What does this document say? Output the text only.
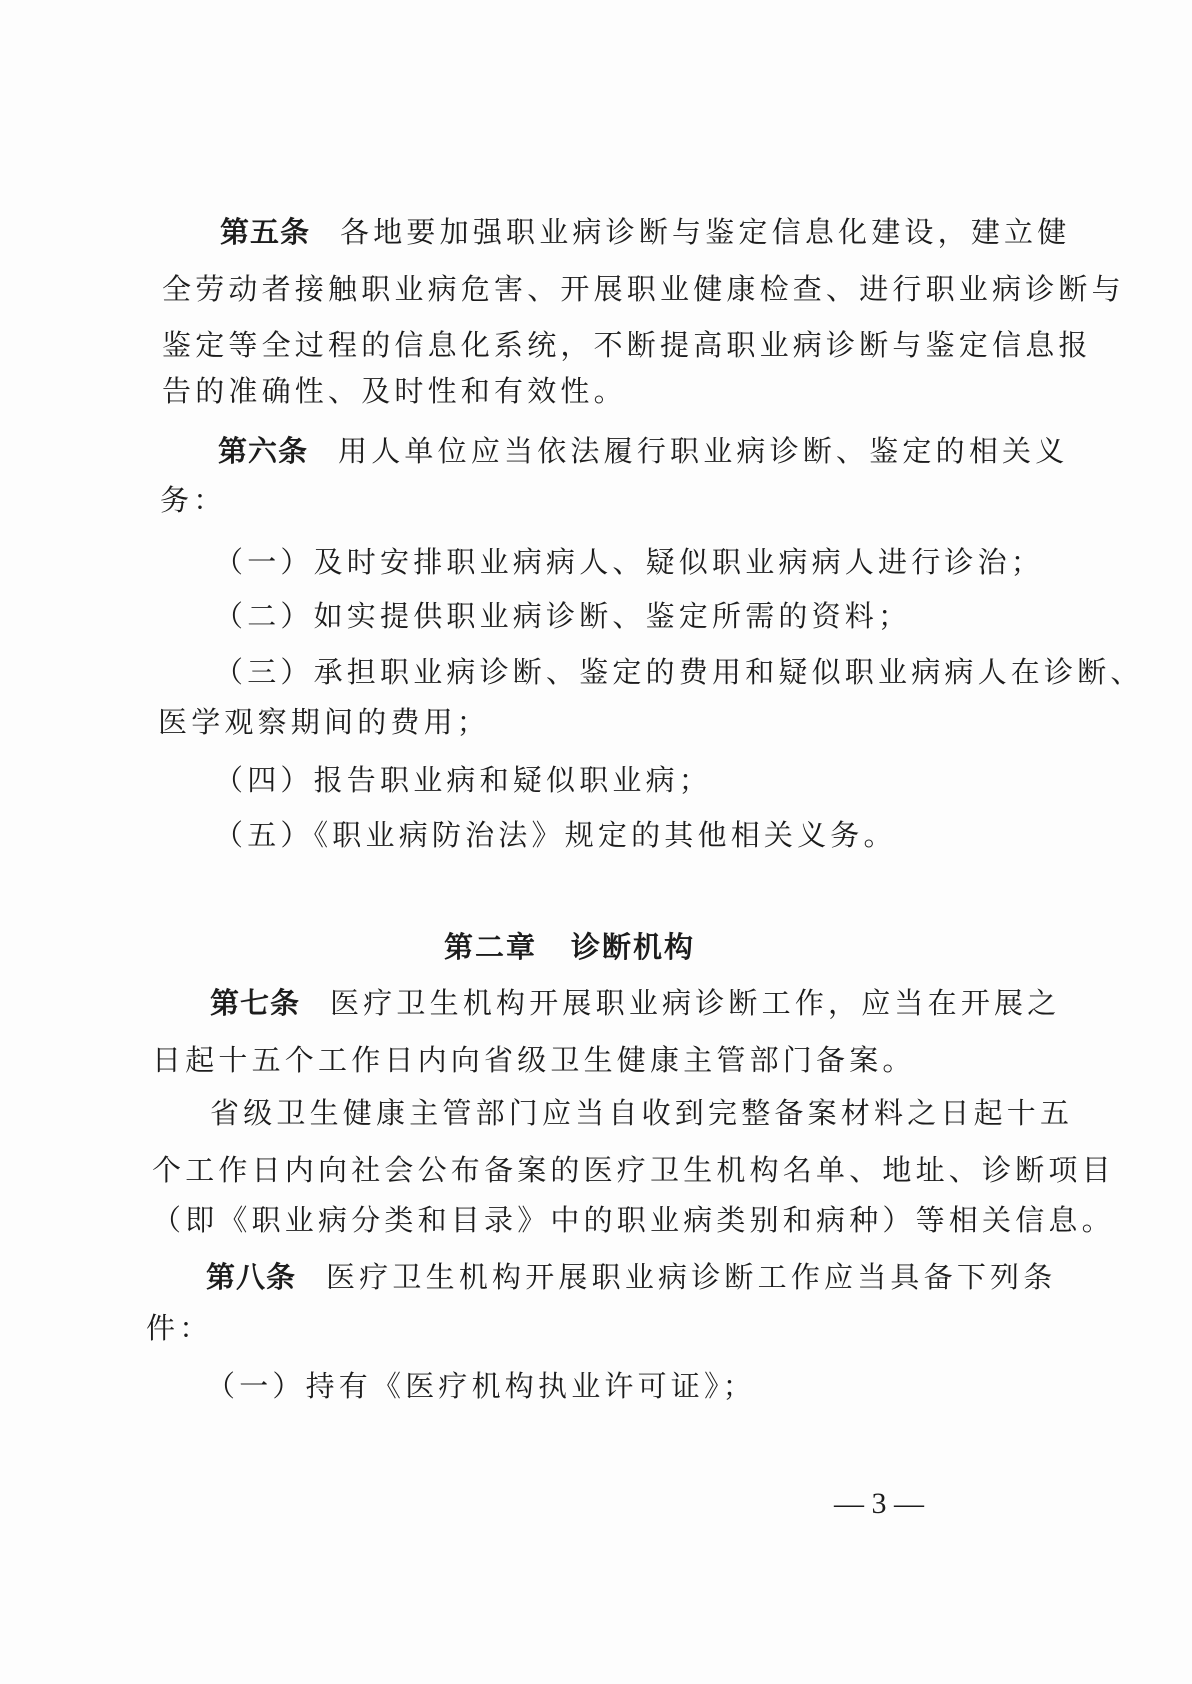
第五条 各地要加强职业病诊断与鉴定信息化建设，建立健
全劳动者接触职业病危害、开展职业健康检查、进行职业病诊断与
鉴定等全过程的信息化系统，不断提高职业病诊断与鉴定信息报
告的准确性、及时性和有效性。
第六条 用人单位应当依法履行职业病诊断、鉴定的相关义
务：
（一）及时安排职业病病人、疑似职业病病人进行诊治；
（二）如实提供职业病诊断、鉴定所需的资料；
（三）承担职业病诊断、鉴定的费用和疑似职业病病人在诊断、
医学观察期间的费用；
（四）报告职业病和疑似职业病；
（五）《职业病防治法》规定的其他相关义务。
第二章 诊断机构
第七条 医疗卫生机构开展职业病诊断工作，应当在开展之
日起十五个工作日内向省级卫生健康主管部门备案。
省级卫生健康主管部门应当自收到完整备案材料之日起十五
个工作日内向社会公布备案的医疗卫生机构名单、地址、诊断项目
（即《职业病分类和目录》中的职业病类别和病种）等相关信息。
第八条 医疗卫生机构开展职业病诊断工作应当具备下列条
件：
（一）持有《医疗机构执业许可证》；
— 3 —
